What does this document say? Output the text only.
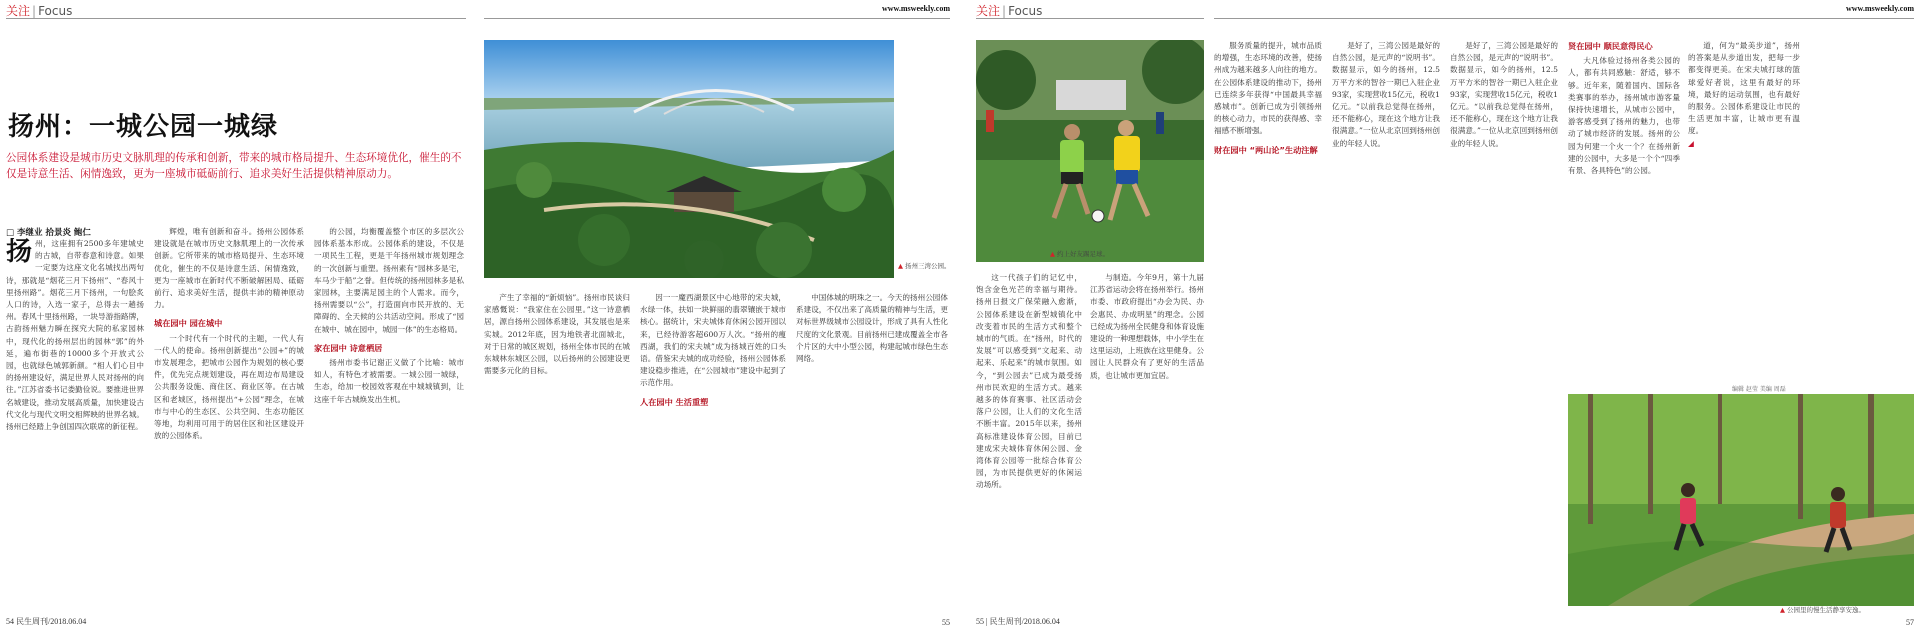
关注 | Focus	www.msweekly.com
扬州：一城公园一城绿
公园体系建设是城市历史文脉肌理的传承和创新，带来的城市格局提升、生态环境优化，催生的不仅是诗意生活、闲情逸致，更为一座城市砥砺前行、追求美好生活提供精神原动力。
□ 李继业 拾景炎 鲍仁
▲ 扬州三湾公园。
扬 州，这座拥有2500多年建城史的古城，自带春意和诗意。如果一定要为这座文化名城找出两句诗，那就是“烟花三月下扬州”、“春风十里扬州路”。烟花三月下扬州，一句脍炙人口的诗，入选一家子，总得去一趟扬州。春风十里扬州路，一块导游指路牌，古韵扬州魅力瞬在探究大院的私家园林中，现代化的扬州层出的园林“郭”的外延，遍布街巷的10000多个开放式公园，也就绿色城郭新颜。“相人们心目中的扬州建设好，满足世界人民对扬州的向往。”江苏省委书记娄勤俭说。要推进世界名城建设，推动发展高质量，加快建设古代文化与现代文明交相辉映的世界名城。扬州已经踏上争创国四次联席的新征程。

辉煌，唯有创新和奋斗。扬州公园体系建设就是在城市历史文脉肌理上的一次传承创新。它所带来的城市格局提升、生态环境优化，催生的不仅是诗意生活、闲情逸致，更为一座城市在新时代不断破解困局、砥砺前行、追求美好生活，提供丰沛的精神原动力。

城在园中 园在城中

一个时代有一个时代的主题，一代人有一代人的使命。扬州创新提出“公园+”的城市发展理念，把城市公园作为规划的核心要件，优先完点规划建设，再在周边布局建设公共服务设施、商住区、商业区等。在古城区和老城区，扬州提出“+公园”理念，在城市与中心的生态区、公共空间、生态功能区等地，均利用可用于的居住区和社区建设开放的公园体系。

的公园，均衡覆盖整个市区的多层次公园体系基本形成。公园体系的建设，不仅是一项民生工程，更是干年扬州城市规划理念的一次创新与重塑。扬州素有“园林多是宅，车马少于船”之誉。但传统的扬州园林多是私家园林，主要满足园主的个人需求。而今，扬州需要以“公”，打造面向市民开放的、无障碍的、全天候的公共活动空间。形成了“园在城中、城在园中，城园一体”的生态格局。

家在园中 诗意栖居

扬州市委书记谢正义做了个比喻：城市如人，有特色才被需要。一城公园一城绿，生态，给加一校园效客观在中城城镇到，让这座千年古城焕发出生机。

产生了幸福的“新烦恼”。扬州市民谈归家感慨说：“我家住在公园里。”这一诗意栖居，源自扬州公园体系建设，其发展也是来实城。2012年底，因为地铁者北面城北，对于日常的城区规划，扬州全体市民的在城东城林东城区公园，以后扬州的公园建设更需要多元化的目标。

因一一魔西湖景区中心地带的宋夫城，水绿一体，扶如一块鲜丽的翡翠镶嵌于城市核心。据统计，宋夫城体育休闲公园开园以来，已经待游客超600万人次。“扬州的瘦西湖，我们的宋夫城”成为扬城百姓的口头语。借鉴宋夫城的成功经验，扬州公园体系建设稳步推进，在“公园城市”建设中起到了示范作用。

人在园中 生活重塑

中国体城的明珠之一。今天的扬州公园体系建设，不仅出来了高质量的精神与生活，更对标世界级城市公园设计，形成了具有人性化尺度的文化景观。目前扬州已建成覆盖全市各个片区的大中小型公园，构建起城市绿色生态网络。

54 民生周刊/2018.06.04	55
关注 | Focus	www.msweekly.com
▲ 约上好友踢足球。

这一代孩子们的记忆中，饱含金色光芒的幸福与期待。扬州日报文广保荣融入愈渐，公园体系建设在新型城镇化中改变着市民的生活方式和整个城市的气质。在“扬州，时代的发展”可以感受到“文起来、动起来、乐起来”的城市氛围。如今，“到公园去”已成为最受扬州市民欢迎的生活方式。越来越多的体育赛事、社区活动会落户公园，让人们的文化生活不断丰富。2015年以来，扬州高标准建设体育公园，目前已建成宋夫城体育休闲公园、金湾体育公园等一批综合体育公园，为市民提供更好的休闲运动场所。

与制造。今年9月，第十九届江苏省运动会将在扬州举行。扬州市委、市政府提出“办会为民、办会惠民、办成明星”的理念。公园已经成为扬州全民健身和体育设施建设的一种理想载体，中小学生在这里运动，上班族在这里健身。公园让人民群众有了更好的生活品质，也让城市更加宜居。

服务质量的提升，城市品质的增强，生态环境的改善，使扬州成为越来越多人向往的地方。在公园体系建设的推动下，扬州已连续多年获得“中国最具幸福感城市”。创新已成为引领扬州的核心动力，市民的获得感、幸福感不断增强。

财在园中 “两山论”生动注解

是好了，三湾公园是最好的自然公园，是元声的“说明书”。数据显示，如今的扬州，12.5万平方米的智谷一期已入驻企业93家，实现营收15亿元，税收1亿元。“以前我总觉得在扬州，还不能称心，现在这个地方让我很满意。”一位从北京回到扬州创业的年轻人说。

是好了，三湾公园是最好的自然公园，是元声的“说明书”。数据显示，如今的扬州，12.5万平方米的智谷一期已入驻企业93家，实现营收15亿元，税收1亿元。“以前我总觉得在扬州，还不能称心，现在这个地方让我很满意。”一位从北京回到扬州创业的年轻人说。

贤在园中 顺民意得民心

大凡体验过扬州各类公园的人，都有共同感触：舒适，够不够。近年来，随着国内、国际各类赛事的举办，扬州城市游客量保持快速增长，从城市公园中，游客感受到了扬州的魅力，也带动了城市经济的发展。扬州的公园为何建一个火一个？在扬州新建的公园中，大多是一个个“四季有景、各具特色”的公园。

道，何为“最美步道”，扬州的答案是从步道出发，把每一步都变得更美。在宋夫城打球的篮球爱好者说，这里有最好的环境，最好的运动氛围，也有最好的服务。公园体系建设让市民的生活更加丰富，让城市更有温度。

◢
编辑 赵莹 美编 周磊
▲ 公园里的慢生活静享安逸。
55 | 民生周刊/2018.06.04	57
